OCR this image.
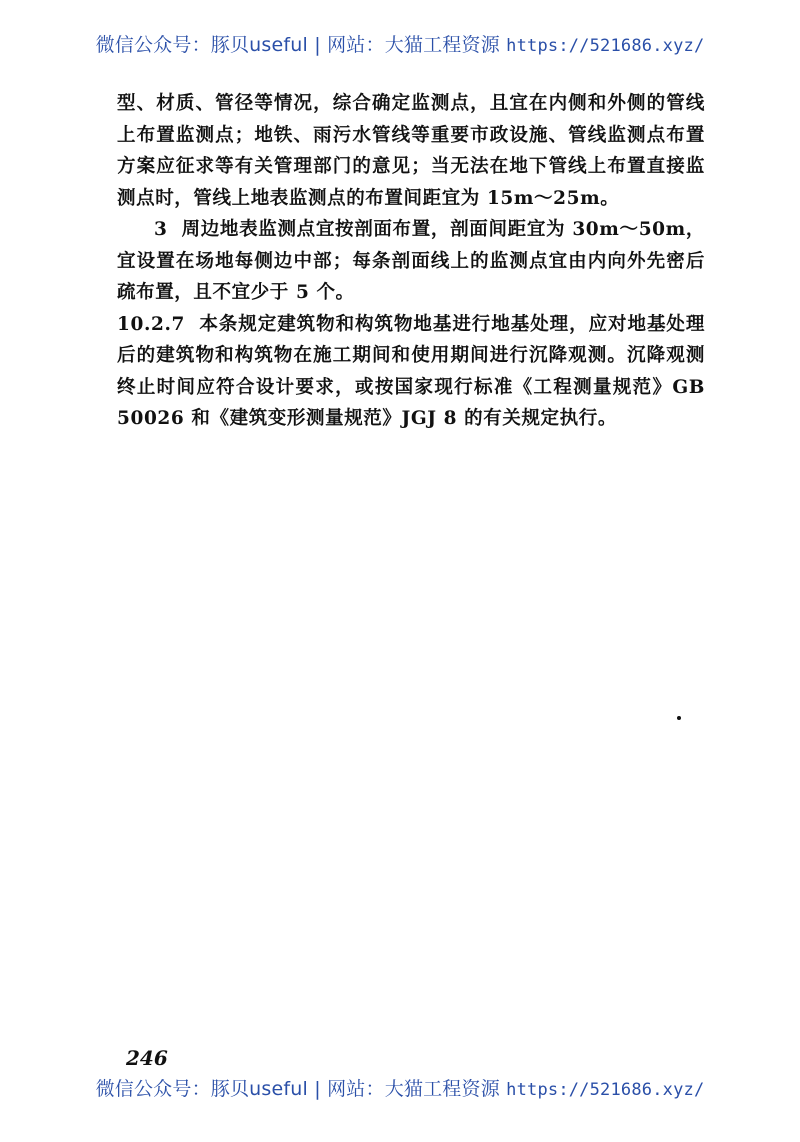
微信公众号：豚贝useful | 网站：大猫工程资源 https://521686.xyz/

型、材质、管径等情况，综合确定监测点，且宜在内侧和外侧的管线上布置监测点；地铁、雨污水管线等重要市政设施、管线监测点布置方案应征求等有关管理部门的意见；当无法在地下管线上布置直接监测点时，管线上地表监测点的布置间距宜为 15m～25m。

3 周边地表监测点宜按剖面布置，剖面间距宜为 30m～50m，宜设置在场地每侧边中部；每条剖面线上的监测点宜由内向外先密后疏布置，且不宜少于 5 个。

10.2.7 本条规定建筑物和构筑物地基进行地基处理，应对地基处理后的建筑物和构筑物在施工期间和使用期间进行沉降观测。沉降观测终止时间应符合设计要求，或按国家现行标准《工程测量规范》GB 50026 和《建筑变形测量规范》JGJ 8 的有关规定执行。

246
微信公众号：豚贝useful | 网站：大猫工程资源 https://521686.xyz/
